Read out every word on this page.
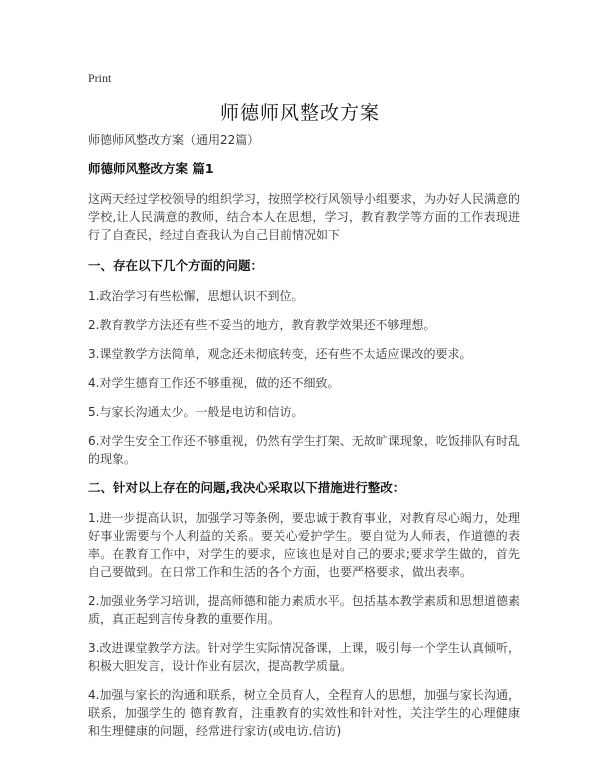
Print
师德师风整改方案
师德师风整改方案（通用22篇）
师德师风整改方案 篇1
这两天经过学校领导的组织学习，按照学校行风领导小组要求，为办好人民满意的学校,让人民满意的教师，结合本人在思想，学习，教育教学等方面的工作表现进行了自查民，经过自查我认为自己目前情况如下
一、存在以下几个方面的问题：
1.政治学习有些松懈，思想认识不到位。
2.教育教学方法还有些不妥当的地方，教育教学效果还不够理想。
3.课堂教学方法简单，观念还未彻底转变，还有些不太适应课改的要求。
4.对学生德育工作还不够重视，做的还不细致。
5.与家长沟通太少。一般是电访和信访。
6.对学生安全工作还不够重视，仍然有学生打架、无故旷课现象，吃饭排队有时乱的现象。
二、针对以上存在的问题,我决心采取以下措施进行整改：
1.进一步提高认识，加强学习等条例，要忠诚于教育事业，对教育尽心竭力，处理好事业需要与个人利益的关系。要关心爱护学生。要自觉为人师表，作道德的表率。在教育工作中，对学生的要求，应该也是对自己的要求;要求学生做的，首先自己要做到。在日常工作和生活的各个方面，也要严格要求，做出表率。
2.加强业务学习培训，提高师德和能力素质水平。包括基本教学素质和思想道德素质，真正起到言传身教的重要作用。
3.改进课堂教学方法。针对学生实际情况备课，上课，吸引每一个学生认真倾听，积极大胆发言，设计作业有层次，提高教学质量。
4.加强与家长的沟通和联系，树立全员育人，全程育人的思想，加强与家长沟通，联系，加强学生的 德育教育，注重教育的实效性和针对性，关注学生的心理健康和生理健康的问题，经常进行家访(或电访.信访)
